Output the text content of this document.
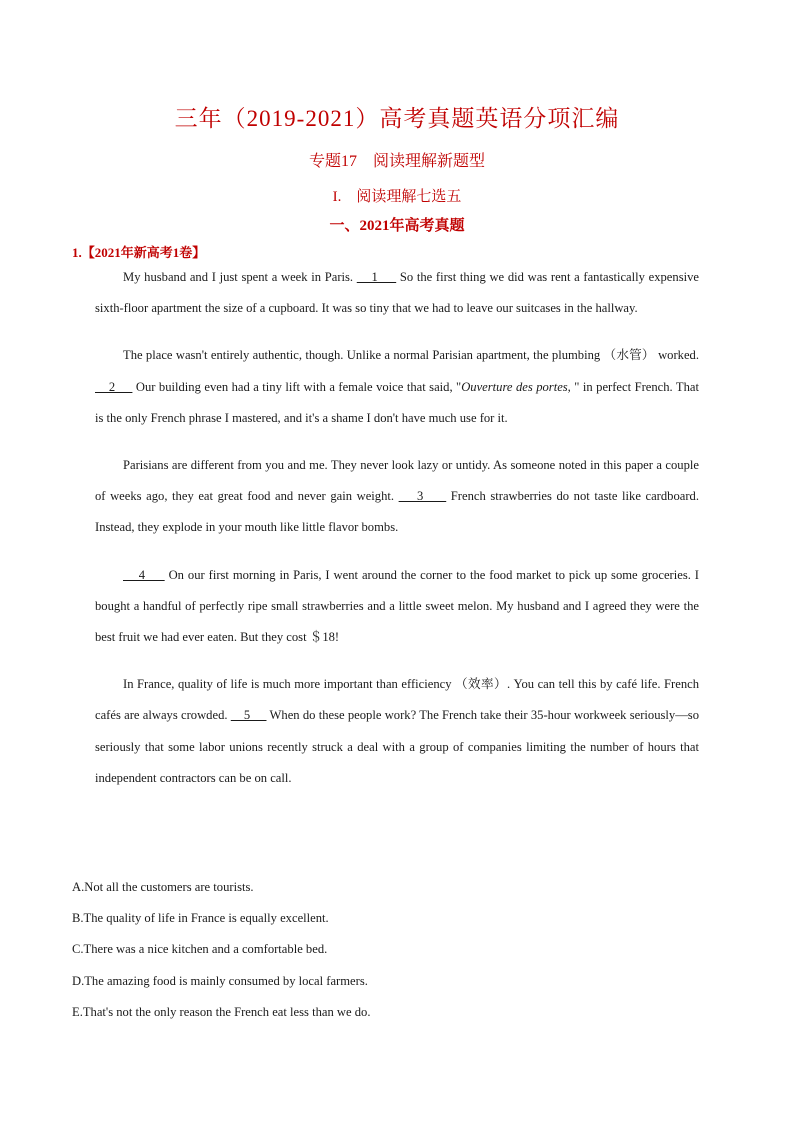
三年（2019-2021）高考真题英语分项汇编
专题17　阅读理解新题型
I.　阅读理解七选五
一、2021年高考真题
1.【2021年新高考1卷】

My husband and I just spent a week in Paris.     1      So the first thing we did was rent a fantastically expensive sixth-floor apartment the size of a cupboard. It was so tiny that we had to leave our suitcases in the hallway.

The place wasn't entirely authentic, though. Unlike a normal Parisian apartment, the plumbing （水管） worked.     2      Our building even had a tiny lift with a female voice that said, "Ouverture des portes, " in perfect French. That is the only French phrase I mastered, and it's a shame I don't have much use for it.

Parisians are different from you and me. They never look lazy or untidy. As someone noted in this paper a couple of weeks ago, they eat great food and never gain weight.     3      French strawberries do not taste like cardboard. Instead, they explode in your mouth like little flavor bombs.

4      On our first morning in Paris, I went around the corner to the food market to pick up some groceries. I bought a handful of perfectly ripe small strawberries and a little sweet melon. My husband and I agreed they were the best fruit we had ever eaten. But they cost ＄18!

In France, quality of life is much more important than efficiency （效率）. You can tell this by café life. French cafés are always crowded.     5      When do these people work? The French take their 35-hour workweek seriously—so seriously that some labor unions recently struck a deal with a group of companies limiting the number of hours that independent contractors can be on call.

A.Not all the customers are tourists.
B.The quality of life in France is equally excellent.
C.There was a nice kitchen and a comfortable bed.
D.The amazing food is mainly consumed by local farmers.
E.That's not the only reason the French eat less than we do.
